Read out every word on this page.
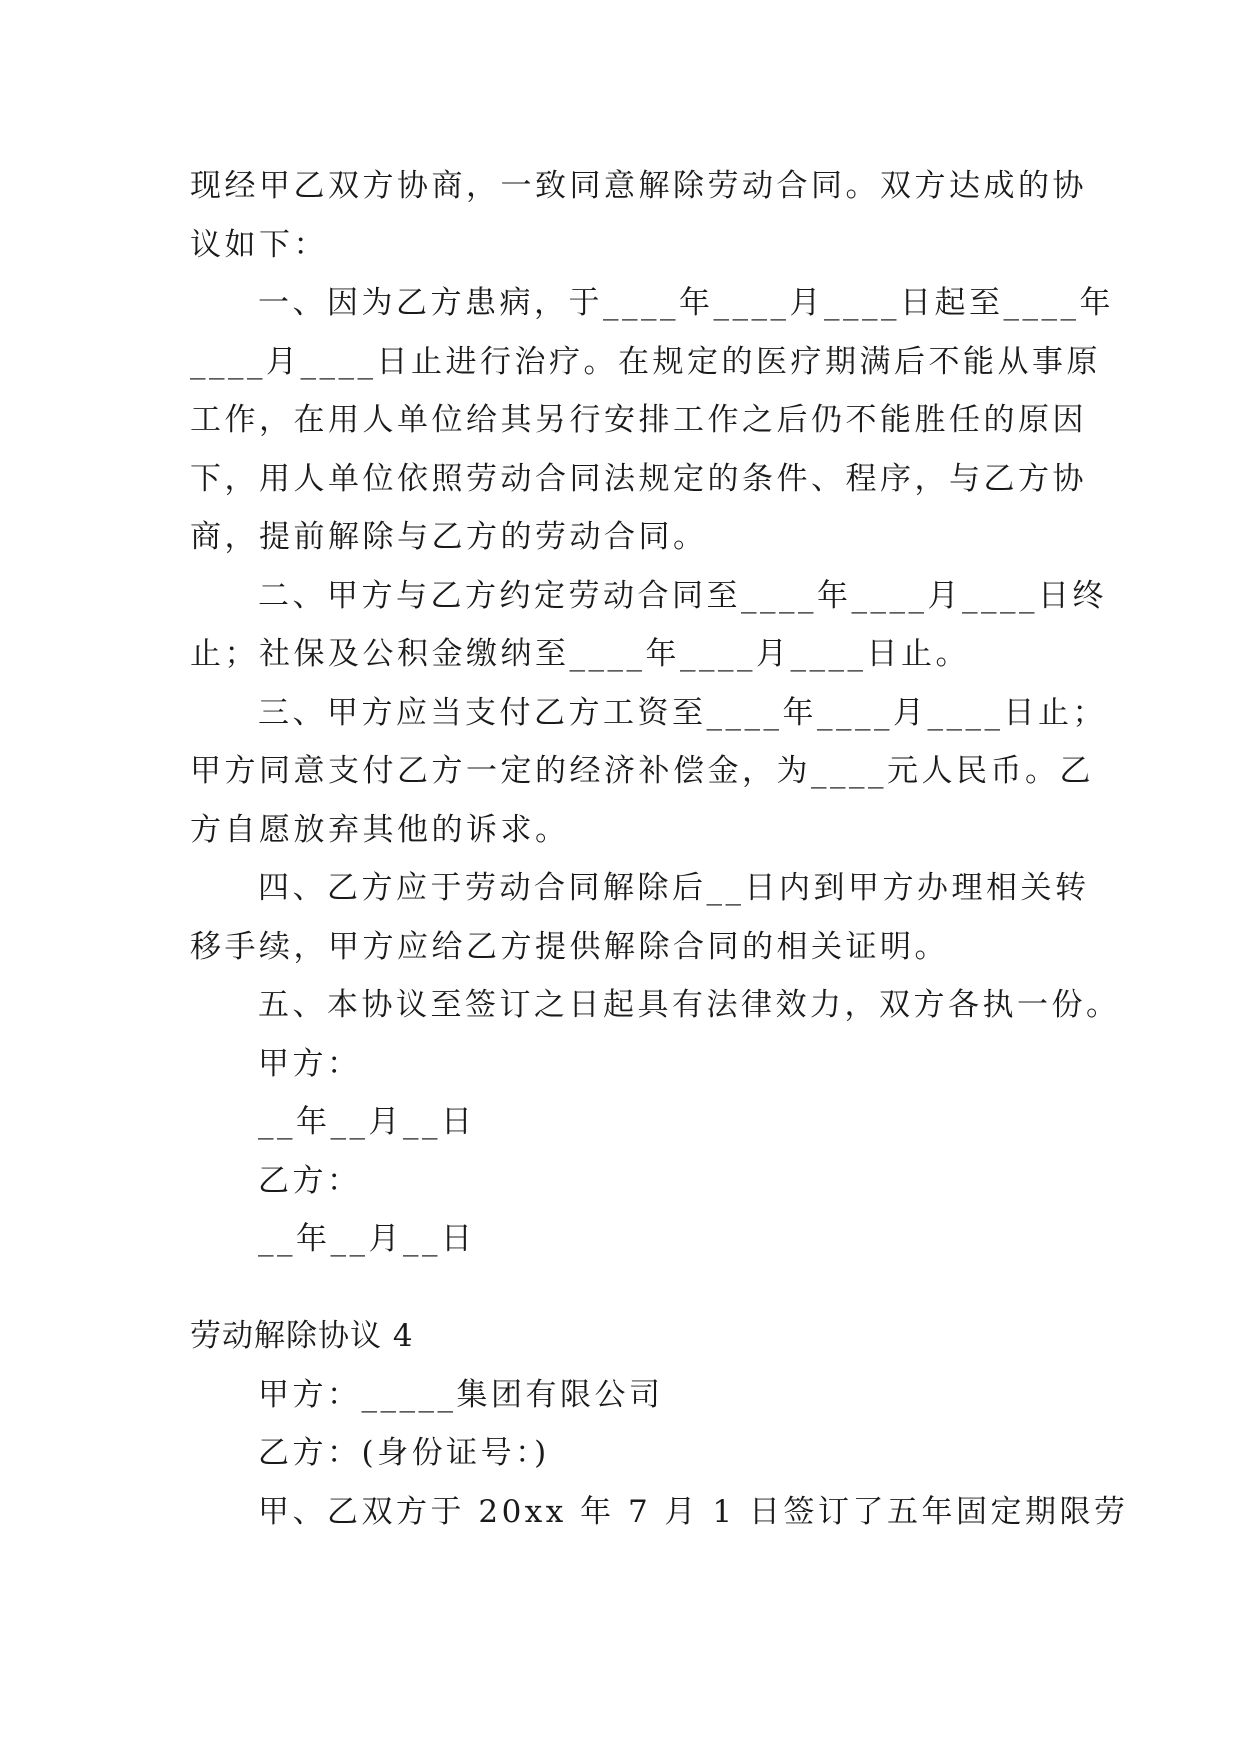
现经甲乙双方协商，一致同意解除劳动合同。双方达成的协
议如下：
一、因为乙方患病，于____年____月____日起至____年
____月____日止进行治疗。在规定的医疗期满后不能从事原
工作，在用人单位给其另行安排工作之后仍不能胜任的原因
下，用人单位依照劳动合同法规定的条件、程序，与乙方协
商，提前解除与乙方的劳动合同。
二、甲方与乙方约定劳动合同至____年____月____日终
止；社保及公积金缴纳至____年____月____日止。
三、甲方应当支付乙方工资至____年____月____日止；
甲方同意支付乙方一定的经济补偿金，为____元人民币。乙
方自愿放弃其他的诉求。
四、乙方应于劳动合同解除后__日内到甲方办理相关转
移手续，甲方应给乙方提供解除合同的相关证明。
五、本协议至签订之日起具有法律效力，双方各执一份。
甲方：
__年__月__日
乙方：
__年__月__日
劳动解除协议 4
甲方：_____集团有限公司
乙方：(身份证号：)
甲、乙双方于 20xx 年 7 月 1 日签订了五年固定期限劳
